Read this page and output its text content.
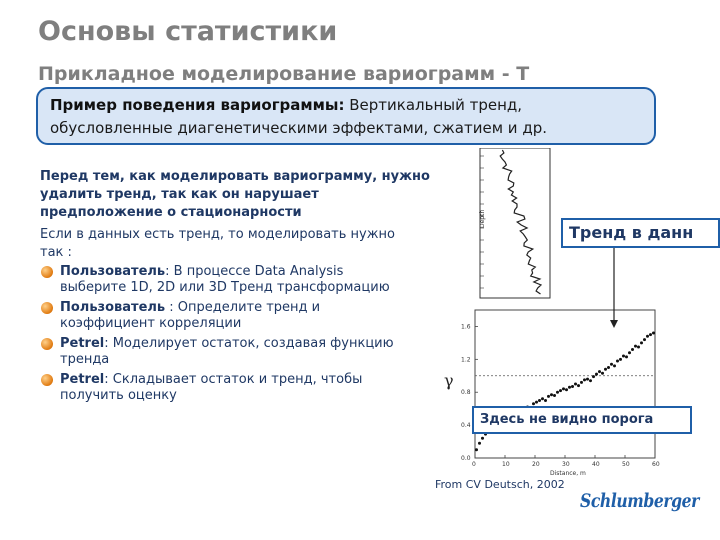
Основы статистики
Прикладное моделирование вариограмм - Т
Пример поведения вариограммы: Вертикальный тренд, обусловленные диагенетическими эффектами, сжатием и др.
Перед тем, как моделировать вариограмму, нужно удалить тренд, так как он нарушает предположение о стационарности
Если в данных есть тренд, то моделировать нужно так :
Пользователь: В процессе Data Analysis выберите 1D, 2D или 3D Тренд трансформацию
Пользователь : Определите тренд и коэффициент корреляции
Petrel: Моделирует остаток, создавая функцию тренда
Petrel: Складывает остаток и тренд, чтобы получить оценку
Depth
0	10	20	30	40	50	60
0.0
0.4
0.8
1.2
1.6
Distance, m
γ
Тренд в данн
Здесь не видно порога
From CV Deutsch, 2002
Schlumberger
